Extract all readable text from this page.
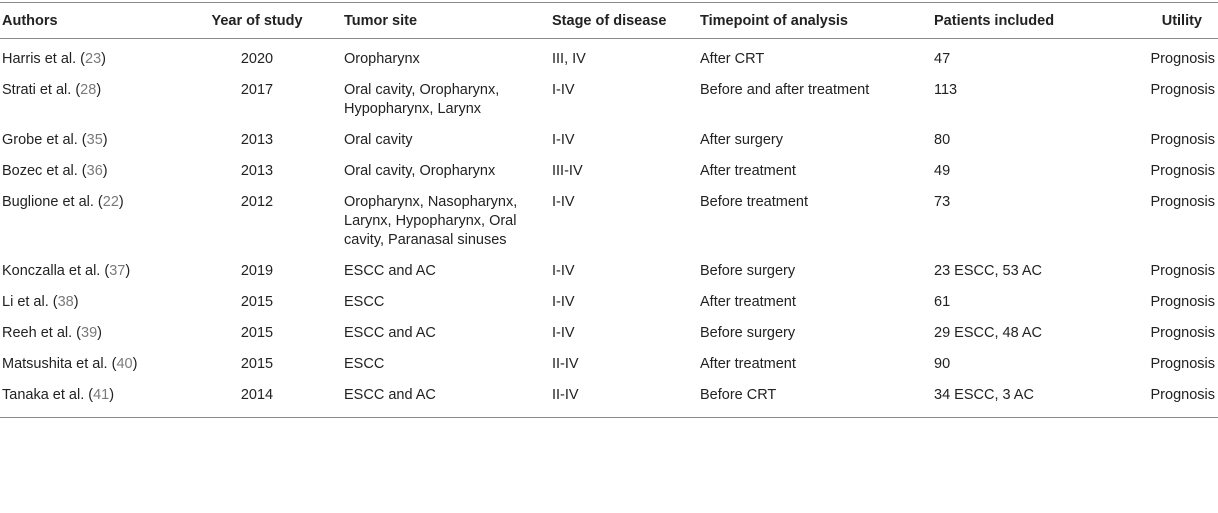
Authors	Year of study	Tumor site	Stage of disease	Timepoint of analysis	Patients included	Utility
Harris et al. (23)	2020	Oropharynx	III, IV	After CRT	47	Prognosis
Strati et al. (28)	2017	Oral cavity, Oropharynx, Hypopharynx, Larynx	I-IV	Before and after treatment	113	Prognosis
Grobe et al. (35)	2013	Oral cavity	I-IV	After surgery	80	Prognosis
Bozec et al. (36)	2013	Oral cavity, Oropharynx	III-IV	After treatment	49	Prognosis
Buglione et al. (22)	2012	Oropharynx, Nasopharynx, Larynx, Hypopharynx, Oral cavity, Paranasal sinuses	I-IV	Before treatment	73	Prognosis
Konczalla et al. (37)	2019	ESCC and AC	I-IV	Before surgery	23 ESCC, 53 AC	Prognosis
Li et al. (38)	2015	ESCC	I-IV	After treatment	61	Prognosis
Reeh et al. (39)	2015	ESCC and AC	I-IV	Before surgery	29 ESCC, 48 AC	Prognosis
Matsushita et al. (40)	2015	ESCC	II-IV	After treatment	90	Prognosis
Tanaka et al. (41)	2014	ESCC and AC	II-IV	Before CRT	34 ESCC, 3 AC	Prognosis
